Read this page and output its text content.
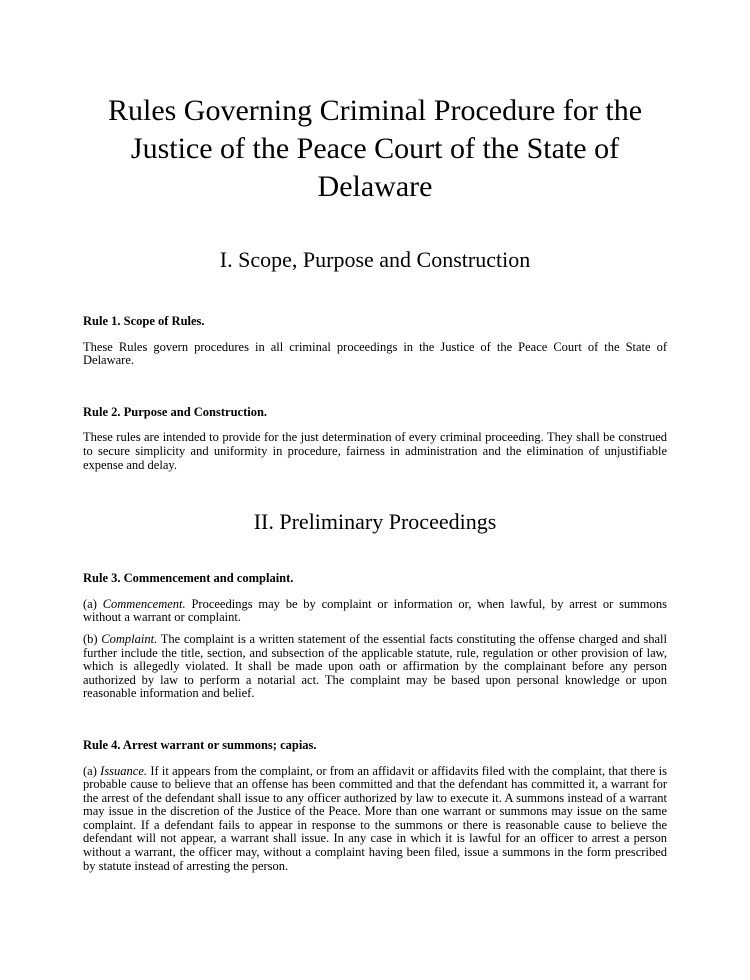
Rules Governing Criminal Procedure for the
Justice of the Peace Court of the State of
Delaware
I. Scope, Purpose and Construction

Rule 1. Scope of Rules.

These Rules govern procedures in all criminal proceedings in the Justice of the Peace Court of the State of Delaware.

Rule 2. Purpose and Construction.

These rules are intended to provide for the just determination of every criminal proceeding. They shall be construed to secure simplicity and uniformity in procedure, fairness in administration and the elimination of unjustifiable expense and delay.

II. Preliminary Proceedings

Rule 3. Commencement and complaint.

(a) Commencement. Proceedings may be by complaint or information or, when lawful, by arrest or summons without a warrant or complaint.

(b) Complaint. The complaint is a written statement of the essential facts constituting the offense charged and shall further include the title, section, and subsection of the applicable statute, rule, regulation or other provision of law, which is allegedly violated. It shall be made upon oath or affirmation by the complainant before any person authorized by law to perform a notarial act. The complaint may be based upon personal knowledge or upon reasonable information and belief.

Rule 4. Arrest warrant or summons; capias.

(a) Issuance. If it appears from the complaint, or from an affidavit or affidavits filed with the complaint, that there is probable cause to believe that an offense has been committed and that the defendant has committed it, a warrant for the arrest of the defendant shall issue to any officer authorized by law to execute it. A summons instead of a warrant may issue in the discretion of the Justice of the Peace. More than one warrant or summons may issue on the same complaint. If a defendant fails to appear in response to the summons or there is reasonable cause to believe the defendant will not appear, a warrant shall issue. In any case in which it is lawful for an officer to arrest a person without a warrant, the officer may, without a complaint having been filed, issue a summons in the form prescribed by statute instead of arresting the person.
